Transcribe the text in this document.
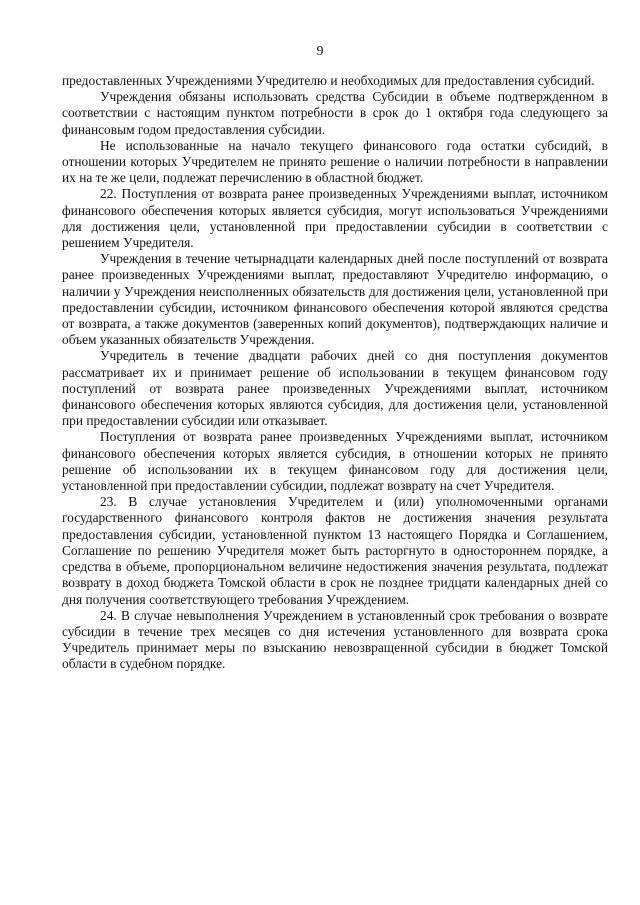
9

предоставленных Учреждениями Учредителю и необходимых для предоставления субсидий.

Учреждения обязаны использовать средства Субсидии в объеме подтвержденном в соответствии с настоящим пунктом потребности в срок до 1 октября года следующего за финансовым годом предоставления субсидии.

Не использованные на начало текущего финансового года остатки субсидий, в отношении которых Учредителем не принято решение о наличии потребности в направлении их на те же цели, подлежат перечислению в областной бюджет.

22. Поступления от возврата ранее произведенных Учреждениями выплат, источником финансового обеспечения которых является субсидия, могут использоваться Учреждениями для достижения цели, установленной при предоставлении субсидии в соответствии с решением Учредителя.

Учреждения в течение четырнадцати календарных дней после поступлений от возврата ранее произведенных Учреждениями выплат, предоставляют Учредителю информацию, о наличии у Учреждения неисполненных обязательств для достижения цели, установленной при предоставлении субсидии, источником финансового обеспечения которой являются средства от возврата, а также документов (заверенных копий документов), подтверждающих наличие и объем указанных обязательств Учреждения.

Учредитель в течение двадцати рабочих дней со дня поступления документов рассматривает их и принимает решение об использовании в текущем финансовом году поступлений от возврата ранее произведенных Учреждениями выплат, источником финансового обеспечения которых являются субсидия, для достижения цели, установленной при предоставлении субсидии или отказывает.

Поступления от возврата ранее произведенных Учреждениями выплат, источником финансового обеспечения которых является субсидия, в отношении которых не принято решение об использовании их в текущем финансовом году для достижения цели, установленной при предоставлении субсидии, подлежат возврату на счет Учредителя.

23. В случае установления Учредителем и (или) уполномоченными органами государственного финансового контроля фактов не достижения значения результата предоставления субсидии, установленной пунктом 13 настоящего Порядка и Соглашением, Соглашение по решению Учредителя может быть расторгнуто в одностороннем порядке, а средства в объеме, пропорциональном величине недостижения значения результата, подлежат возврату в доход бюджета Томской области в срок не позднее тридцати календарных дней со дня получения соответствующего требования Учреждением.

24. В случае невыполнения Учреждением в установленный срок требования о возврате субсидии в течение трех месяцев со дня истечения установленного для возврата срока Учредитель принимает меры по взысканию невозвращенной субсидии в бюджет Томской области в судебном порядке.
